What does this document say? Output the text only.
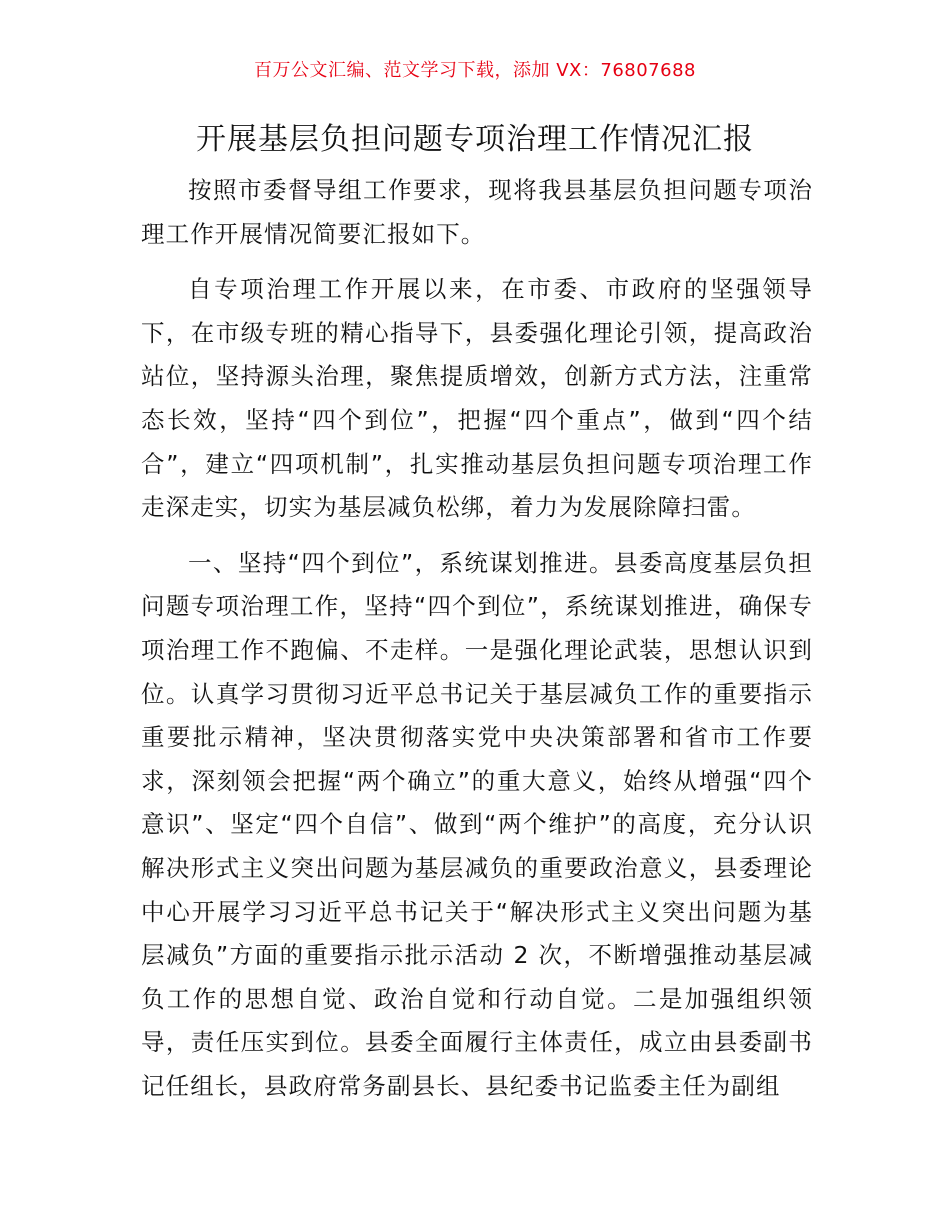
百万公文汇编、范文学习下载，添加 VX：76807688
开展基层负担问题专项治理工作情况汇报

按照市委督导组工作要求，现将我县基层负担问题专项治理工作开展情况简要汇报如下。

自专项治理工作开展以来，在市委、市政府的坚强领导下，在市级专班的精心指导下，县委强化理论引领，提高政治站位，坚持源头治理，聚焦提质增效，创新方式方法，注重常态长效，坚持“四个到位”，把握“四个重点”，做到“四个结合”，建立“四项机制”，扎实推动基层负担问题专项治理工作走深走实，切实为基层减负松绑，着力为发展除障扫雷。

一、坚持“四个到位”，系统谋划推进。县委高度基层负担问题专项治理工作，坚持“四个到位”，系统谋划推进，确保专项治理工作不跑偏、不走样。一是强化理论武装，思想认识到位。认真学习贯彻习近平总书记关于基层减负工作的重要指示重要批示精神，坚决贯彻落实党中央决策部署和省市工作要求，深刻领会把握“两个确立”的重大意义，始终从增强“四个意识”、坚定“四个自信”、做到“两个维护”的高度，充分认识解决形式主义突出问题为基层减负的重要政治意义，县委理论中心开展学习习近平总书记关于“解决形式主义突出问题为基层减负”方面的重要指示批示活动 2 次，不断增强推动基层减负工作的思想自觉、政治自觉和行动自觉。二是加强组织领导，责任压实到位。县委全面履行主体责任，成立由县委副书记任组长，县政府常务副县长、县纪委书记监委主任为副组
